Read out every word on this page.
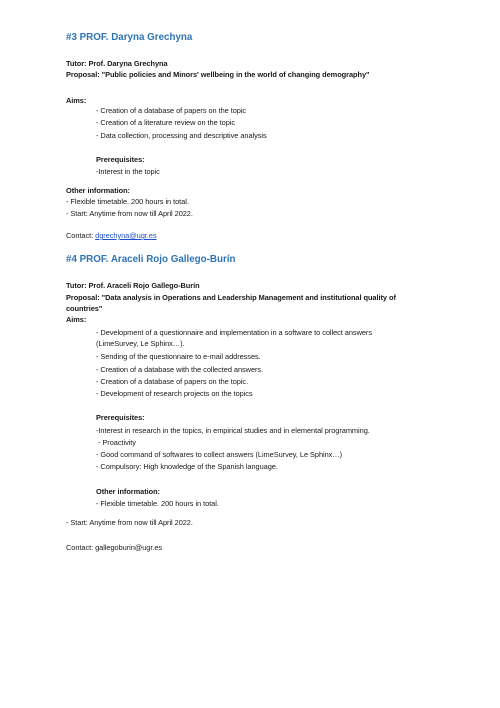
#3 PROF. Daryna Grechyna
Tutor: Prof. Daryna Grechyna
Proposal: "Public policies and Minors' wellbeing in the world of changing demography"
Aims:
- Creation of a database of papers on the topic
- Creation of a literature review on the topic
- Data collection, processing and descriptive analysis
Prerequisites:
-Interest in the topic
Other information:
- Flexible timetable. 200 hours in total.
- Start: Anytime from now till April 2022.
Contact: dgrechyna@ugr.es
#4 PROF. Araceli Rojo Gallego-Burín
Tutor: Prof. Araceli Rojo Gallego-Burín
Proposal: "Data analysis in Operations and Leadership Management and institutional quality of
countries"
Aims:
- Development of a questionnaire and implementation in a software to collect answers
(LimeSurvey, Le Sphinx…).
- Sending of the questionnaire to e-mail addresses.
- Creation of a database with the collected answers.
- Creation of a database of papers on the topic.
- Development of research projects on the topics
Prerequisites:
-Interest in research in the topics, in empirical studies and in elemental programming.
- Proactivity
- Good command of softwares to collect answers (LimeSurvey, Le Sphinx…)
- Compulsory: High knowledge of the Spanish language.
Other information:
- Flexible timetable. 200 hours in total.
- Start: Anytime from now till April 2022.
Contact: gallegoburin@ugr.es
